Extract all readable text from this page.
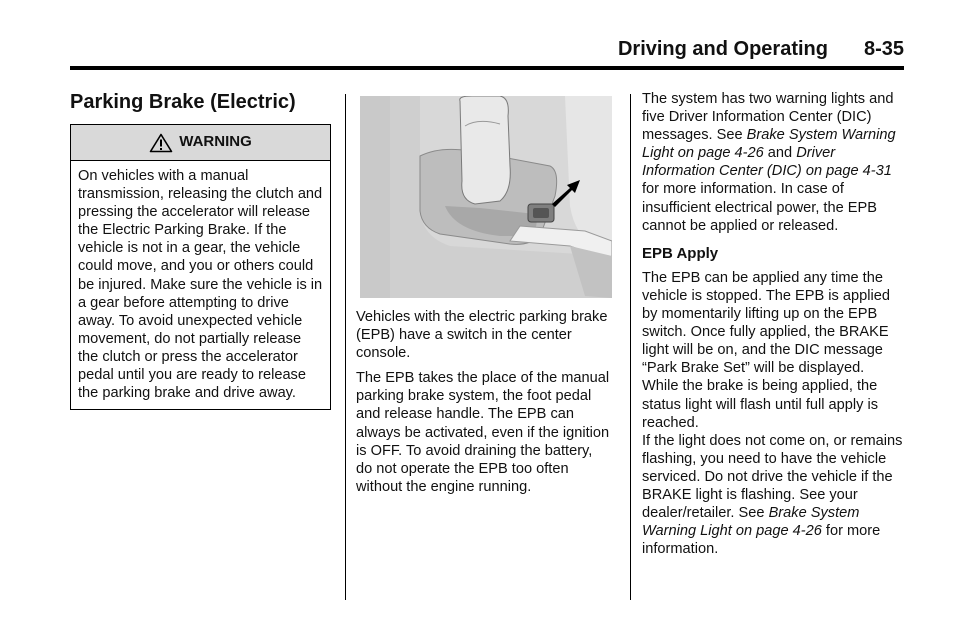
Driving and Operating 8-35
Parking Brake (Electric)
WARNING
On vehicles with a manual transmission, releasing the clutch and pressing the accelerator will release the Electric Parking Brake. If the vehicle is not in a gear, the vehicle could move, and you or others could be injured. Make sure the vehicle is in a gear before attempting to drive away. To avoid unexpected vehicle movement, do not partially release the clutch or press the accelerator pedal until you are ready to release the parking brake and drive away.

Vehicles with the electric parking brake (EPB) have a switch in the center console.

The EPB takes the place of the manual parking brake system, the foot pedal and release handle. The EPB can always be activated, even if the ignition is OFF. To avoid draining the battery, do not operate the EPB too often without the engine running.

The system has two warning lights and five Driver Information Center (DIC) messages. See Brake System Warning Light on page 4-26 and Driver Information Center (DIC) on page 4-31 for more information. In case of insufficient electrical power, the EPB cannot be applied or released.

EPB Apply

The EPB can be applied any time the vehicle is stopped. The EPB is applied by momentarily lifting up on the EPB switch. Once fully applied, the BRAKE light will be on, and the DIC message “Park Brake Set” will be displayed. While the brake is being applied, the status light will flash until full apply is reached.

If the light does not come on, or remains flashing, you need to have the vehicle serviced. Do not drive the vehicle if the BRAKE light is flashing. See your dealer/retailer. See Brake System Warning Light on page 4-26 for more information.
